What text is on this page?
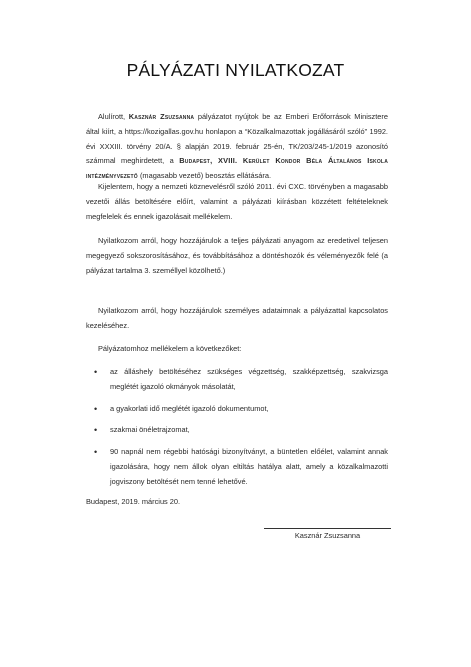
PÁLYÁZATI NYILATKOZAT
Alulírott, Kasznár Zsuzsanna pályázatot nyújtok be az Emberi Erőforrások Minisztere által kiírt, a https://kozigallas.gov.hu honlapon a “Közalkalmazottak jogállásáról szóló” 1992. évi XXXIII. törvény 20/A. § alapján 2019. február 25-én, TK/203/245-1/2019 azonosító számmal meghirdetett, a Budapest, XVIII. Kerület Kondor Béla Általános Iskola intézményvezető (magasabb vezető) beosztás ellátására.
Kijelentem, hogy a nemzeti köznevelésről szóló 2011. évi CXC. törvényben a magasabb vezetői állás betöltésére előírt, valamint a pályázati kiírásban közzétett feltételeknek megfelelek és ennek igazolásait mellékelem.
Nyilatkozom arról, hogy hozzájárulok a teljes pályázati anyagom az eredetivel teljesen megegyező sokszorosításához, és továbbításához a döntéshozók és véleményezők felé (a pályázat tartalma 3. személlyel közölhető.)
Nyilatkozom arról, hogy hozzájárulok személyes adataimnak a pályázattal kapcsolatos kezeléséhez.
Pályázatomhoz mellékelem a következőket:
• az álláshely betöltéséhez szükséges végzettség, szakképzettség, szakvizsga meglétét igazoló okmányok másolatát,
• a gyakorlati idő meglétét igazoló dokumentumot,
• szakmai önéletrajzomat,
• 90 napnál nem régebbi hatósági bizonyítványt, a büntetlen előélet, valamint annak igazolására, hogy nem állok olyan eltiltás hatálya alatt, amely a közalkalmazotti jogviszony betöltését nem tenné lehetővé.
Budapest, 2019. március 20.
Kasznár Zsuzsanna
